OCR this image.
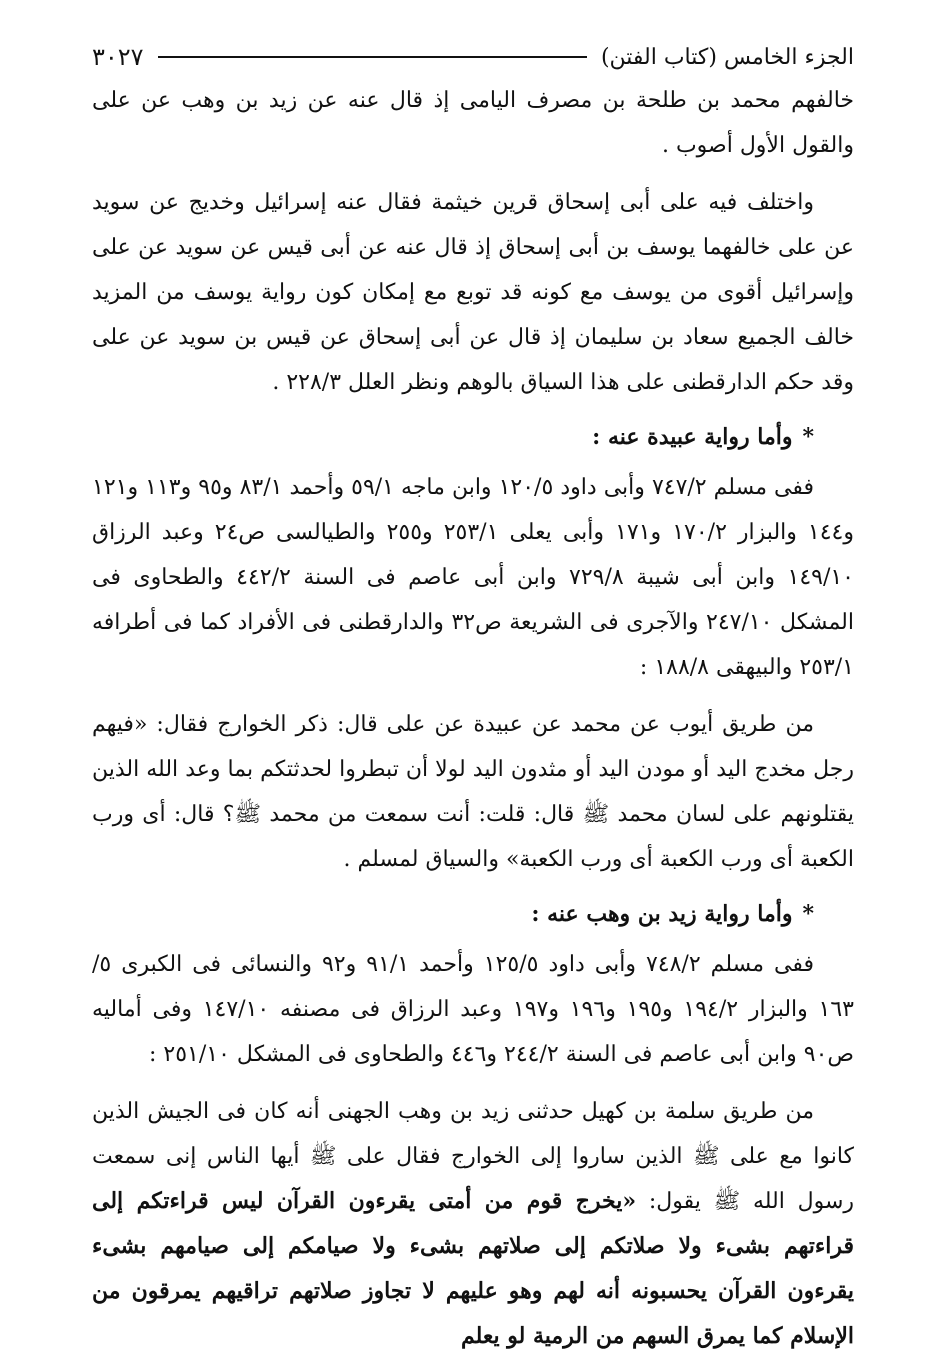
الجزء الخامس (كتاب الفتن)
٣٠٢٧

خالفهم محمد بن طلحة بن مصرف اليامى إذ قال عنه عن زيد بن وهب عن على والقول الأول أصوب .

واختلف فيه على أبى إسحاق قرين خيثمة فقال عنه إسرائيل وخديج عن سويد عن على خالفهما يوسف بن أبى إسحاق إذ قال عنه عن أبى قيس عن سويد عن على وإسرائيل أقوى من يوسف مع كونه قد توبع مع إمكان كون رواية يوسف من المزيد خالف الجميع سعاد بن سليمان إذ قال عن أبى إسحاق عن قيس بن سويد عن على وقد حكم الدارقطنى على هذا السياق بالوهم ونظر العلل ٢٢٨/٣ .

*وأما رواية عبيدة عنه :

ففى مسلم ٧٤٧/٢ وأبى داود ١٢٠/٥ وابن ماجه ٥٩/١ وأحمد ٨٣/١ و٩٥ و١١٣ و١٢١ و١٤٤ والبزار ١٧٠/٢ و١٧١ وأبى يعلى ٢٥٣/١ و٢٥٥ والطيالسى ص٢٤ وعبد الرزاق ١٤٩/١٠ وابن أبى شيبة ٧٢٩/٨ وابن أبى عاصم فى السنة ٤٤٢/٢ والطحاوى فى المشكل ٢٤٧/١٠ والآجرى فى الشريعة ص٣٢ والدارقطنى فى الأفراد كما فى أطرافه ٢٥٣/١ والبيهقى ١٨٨/٨ :

من طريق أيوب عن محمد عن عبيدة عن على قال: ذكر الخوارج فقال: «فيهم رجل مخدج اليد أو مودن اليد أو مثدون اليد لولا أن تبطروا لحدثتكم بما وعد الله الذين يقتلونهم على لسان محمد ﷺ قال: قلت: أنت سمعت من محمد ﷺ؟ قال: أى ورب الكعبة أى ورب الكعبة أى ورب الكعبة» والسياق لمسلم .

*وأما رواية زيد بن وهب عنه :

ففى مسلم ٧٤٨/٢ وأبى داود ١٢٥/٥ وأحمد ٩١/١ و٩٢ والنسائى فى الكبرى ٥/ ١٦٣ والبزار ١٩٤/٢ و١٩٥ و١٩٦ و١٩٧ وعبد الرزاق فى مصنفه ١٤٧/١٠ وفى أماليه ص٩٠ وابن أبى عاصم فى السنة ٢٤٤/٢ و٤٤٦ والطحاوى فى المشكل ٢٥١/١٠ :

من طريق سلمة بن كهيل حدثنى زيد بن وهب الجهنى أنه كان فى الجيش الذين كانوا مع على ﷺ الذين ساروا إلى الخوارج فقال على ﷺ أيها الناس إنى سمعت رسول الله ﷺ يقول: «يخرج قوم من أمتى يقرءون القرآن ليس قراءتكم إلى قراءتهم بشىء ولا صلاتكم إلى صلاتهم بشىء ولا صيامكم إلى صيامهم بشىء يقرءون القرآن يحسبونه أنه لهم وهو عليهم لا تجاوز صلاتهم تراقيهم يمرقون من الإسلام كما يمرق السهم من الرمية لو يعلم
